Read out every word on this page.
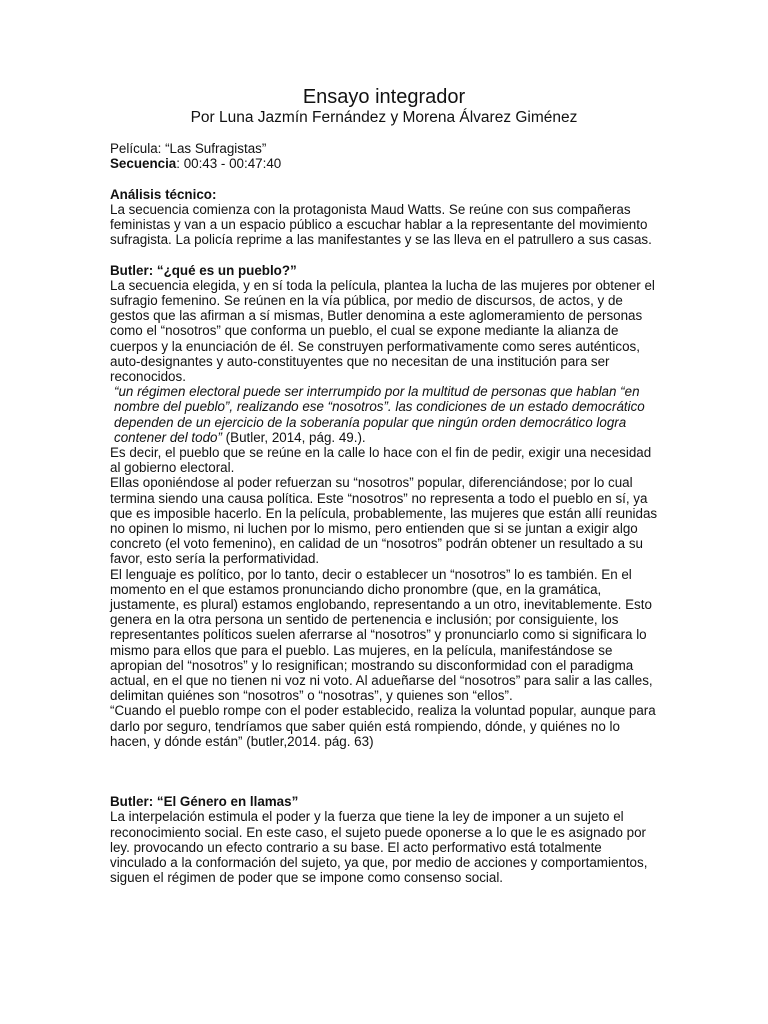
Ensayo integrador
Por Luna Jazmín Fernández y Morena Álvarez Giménez

Película: “Las Sufragistas”

Secuencia: 00:43 - 00:47:40

Análisis técnico:

La secuencia comienza con la protagonista Maud Watts. Se reúne con sus compañeras feministas y van a un espacio público a escuchar hablar a la representante del movimiento sufragista. La policía reprime a las manifestantes y se las lleva en el patrullero a sus casas.

Butler: “¿qué es un pueblo?”

La secuencia elegida, y en sí toda la película, plantea la lucha de las mujeres por obtener el sufragio femenino. Se reúnen en la vía pública, por medio de discursos, de actos, y de gestos que las afirman a sí mismas, Butler denomina a este aglomeramiento de personas como el “nosotros” que conforma un pueblo, el cual se expone mediante la alianza de cuerpos y la enunciación de él. Se construyen performativamente como seres auténticos, auto-designantes y auto-constituyentes que no necesitan de una institución para ser reconocidos.

“un régimen electoral puede ser interrumpido por la multitud de personas que hablan “en nombre del pueblo”, realizando ese “nosotros”. las condiciones de un estado democrático dependen de un ejercicio de la soberanía popular que ningún orden democrático logra contener del todo” (Butler, 2014, pág. 49.).

Es decir, el pueblo que se reúne en la calle lo hace con el fin de pedir, exigir una necesidad al gobierno electoral.

Ellas oponiéndose al poder refuerzan su “nosotros” popular, diferenciándose; por lo cual termina siendo una causa política. Este “nosotros” no representa a todo el pueblo en sí, ya que es imposible hacerlo. En la película, probablemente, las mujeres que están allí reunidas no opinen lo mismo, ni luchen por lo mismo, pero entienden que si se juntan a exigir algo concreto (el voto femenino), en calidad de un “nosotros” podrán obtener un resultado a su favor, esto sería la performatividad.

El lenguaje es político, por lo tanto, decir o establecer un “nosotros” lo es también. En el momento en el que estamos pronunciando dicho pronombre (que, en la gramática, justamente, es plural) estamos englobando, representando a un otro, inevitablemente. Esto genera en la otra persona un sentido de pertenencia e inclusión; por consiguiente, los representantes políticos suelen aferrarse al “nosotros” y pronunciarlo como si significara lo mismo para ellos que para el pueblo. Las mujeres, en la película, manifestándose se apropian del “nosotros” y lo resignifican; mostrando su disconformidad con el paradigma actual, en el que no tienen ni voz ni voto. Al adueñarse del “nosotros” para salir a las calles, delimitan quiénes son “nosotros” o “nosotras”, y quienes son “ellos”.

“Cuando el pueblo rompe con el poder establecido, realiza la voluntad popular, aunque para darlo por seguro, tendríamos que saber quién está rompiendo, dónde, y quiénes no lo hacen, y dónde están” (butler,2014. pág. 63)

Butler: “El Género en llamas”

La interpelación estimula el poder y la fuerza que tiene la ley de imponer a un sujeto el reconocimiento social. En este caso, el sujeto puede oponerse a lo que le es asignado por ley. provocando un efecto contrario a su base. El acto performativo está totalmente vinculado a la conformación del sujeto, ya que, por medio de acciones y comportamientos, siguen el régimen de poder que se impone como consenso social.
